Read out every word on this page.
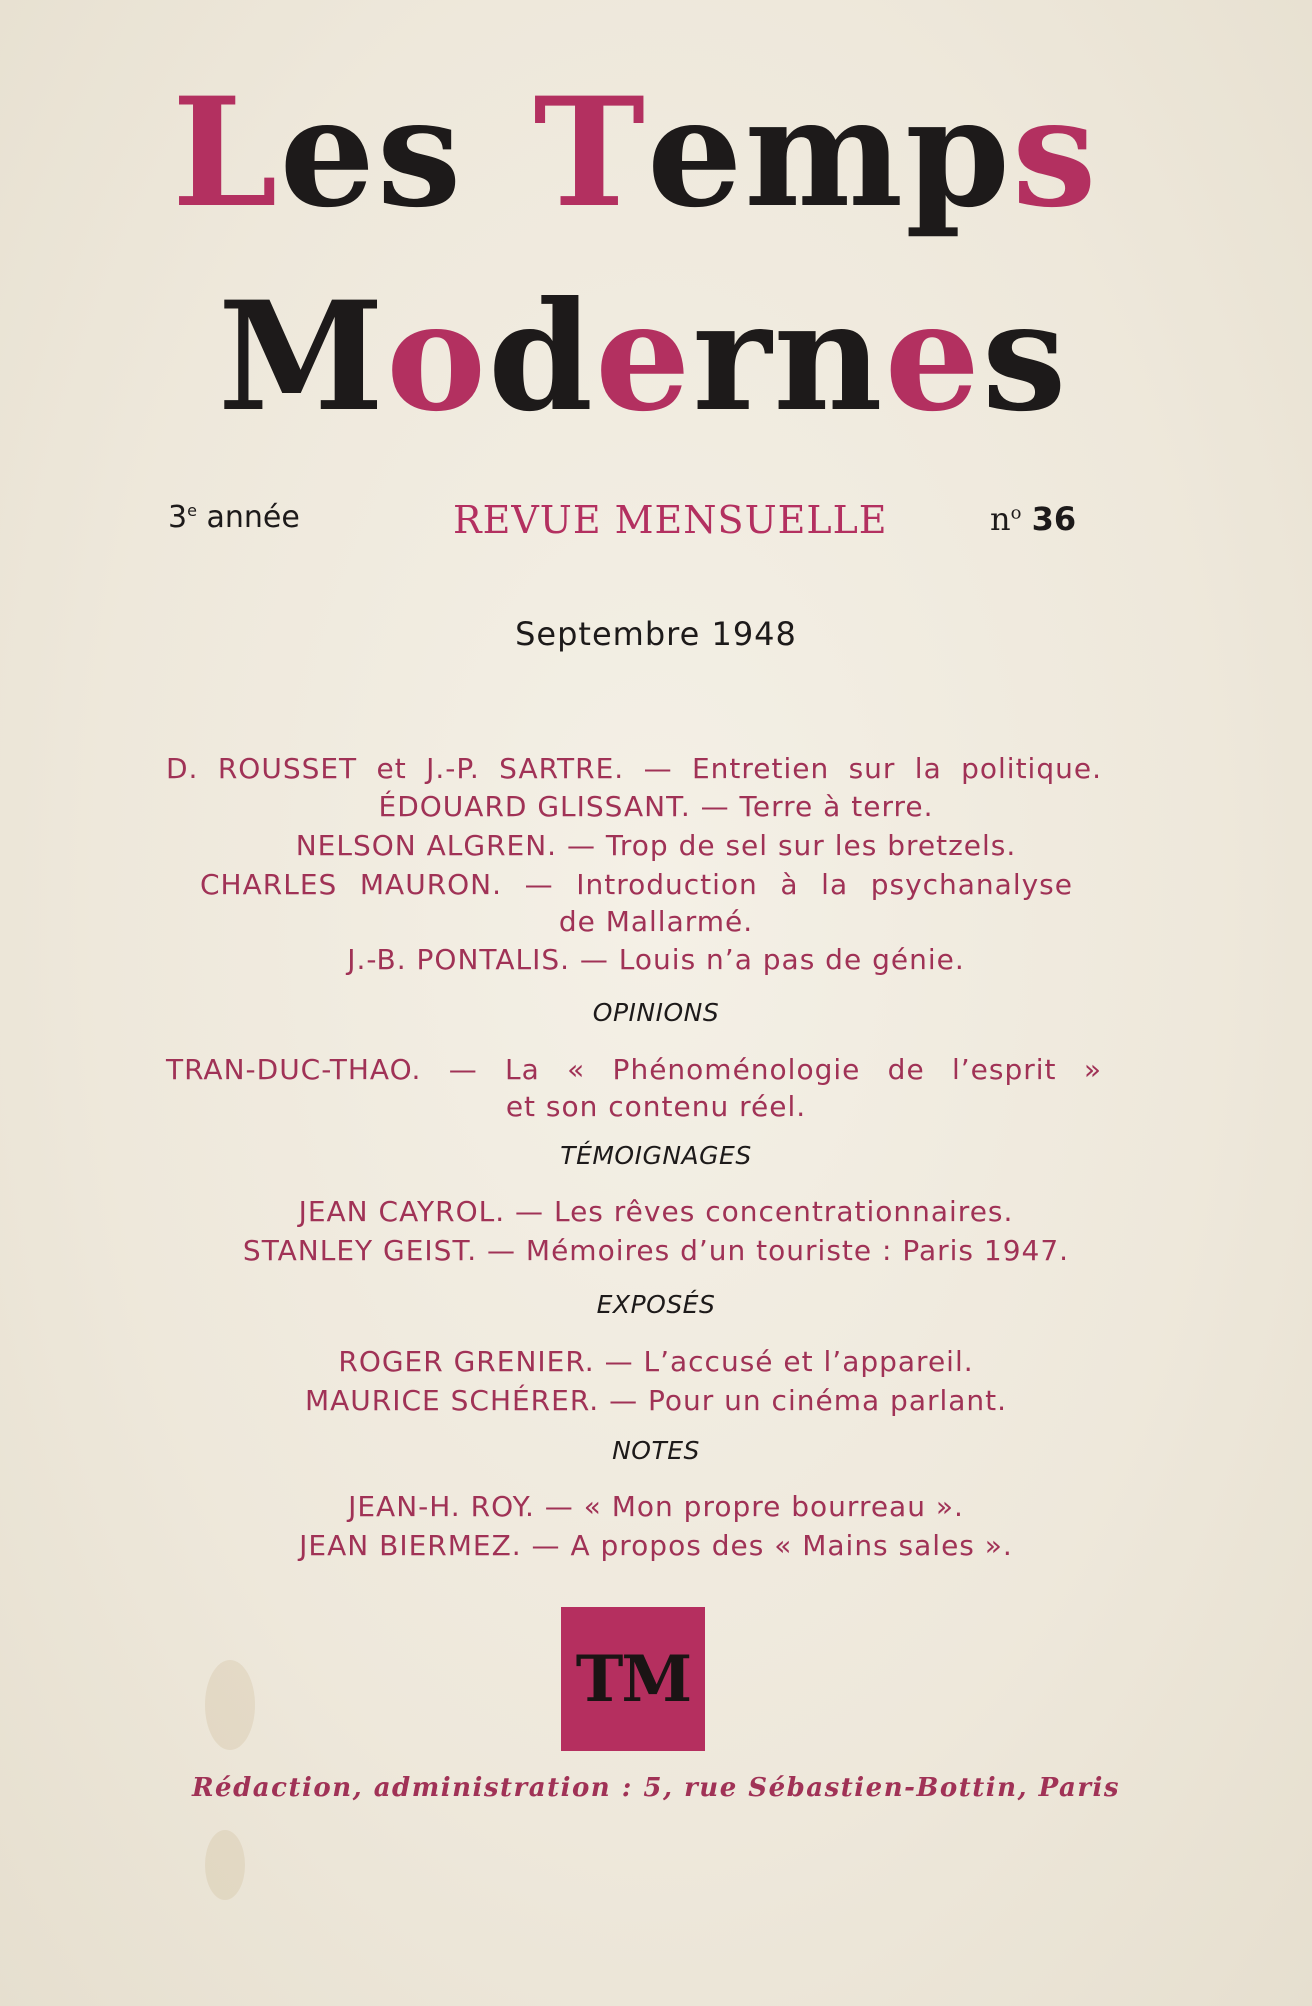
Les Temps
Modernes
3e année	REVUE MENSUELLE	$n^o$ 36
Septembre 1948
D. ROUSSET et J.-P. SARTRE. — Entretien sur la politique.
ÉDOUARD GLISSANT. — Terre à terre.
NELSON ALGREN. — Trop de sel sur les bretzels.
CHARLES MAURON. — Introduction à la psychanalyse
de Mallarmé.
J.-B. PONTALIS. — Louis n’a pas de génie.
OPINIONS
TRAN-DUC-THAO. — La « Phénoménologie de l’esprit »
et son contenu réel.
TÉMOIGNAGES
JEAN CAYROL. — Les rêves concentrationnaires.
STANLEY GEIST. — Mémoires d’un touriste : Paris 1947.
EXPOSÉS
ROGER GRENIER. — L’accusé et l’appareil.
MAURICE SCHÉRER. — Pour un cinéma parlant.
NOTES
JEAN-H. ROY. — « Mon propre bourreau ».
JEAN BIERMEZ. — A propos des « Mains sales ».
TM
Rédaction, administration : 5, rue Sébastien-Bottin, Paris
